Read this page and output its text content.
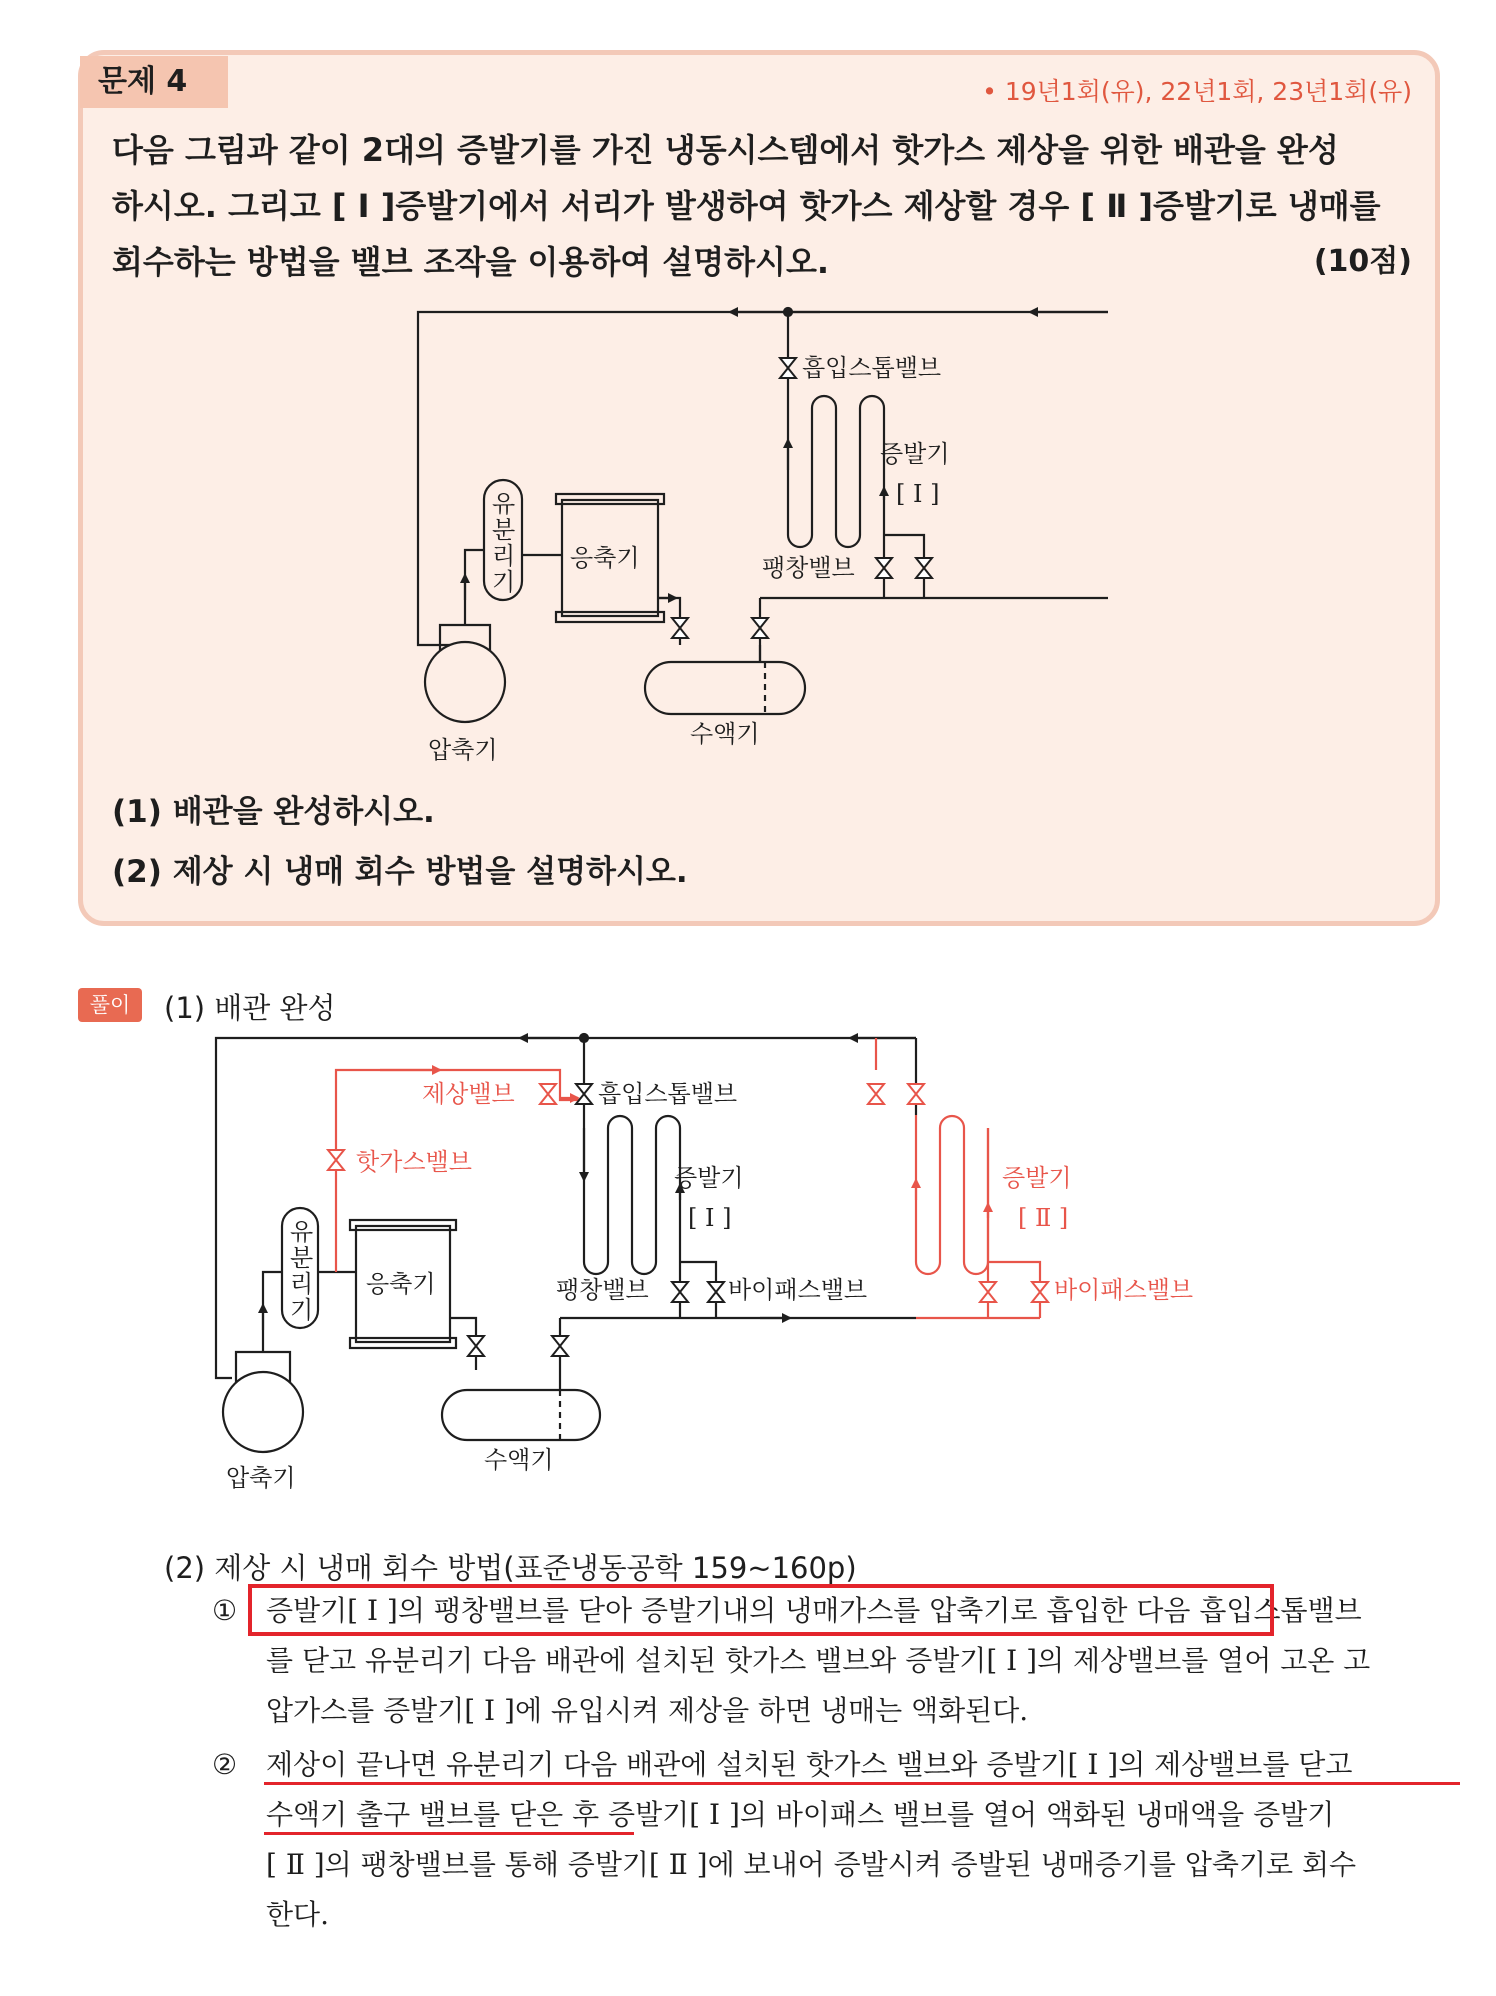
문제 4	• 19년1회(유), 22년1회, 23년1회(유)
다음 그림과 같이 2대의 증발기를 가진 냉동시스템에서 핫가스 제상을 위한 배관을 완성
하시오. 그리고 [ I ]증발기에서 서리가 발생하여 핫가스 제상할 경우 [ Ⅱ ]증발기로 냉매를
회수하는 방법을 밸브 조작을 이용하여 설명하시오.	(10점)
(1) 배관을 완성하시오.
(2) 제상 시 냉매 회수 방법을 설명하시오.
흡입스톱밸브
증발기
[ I ]
팽창밸브
응축기
압축기
수액기
유
분
리
기
흡입스톱밸브
증발기
[ I ]
팽창밸브	바이패스밸브
응축기
압축기
수액기
유
분
리
기
제상밸브
핫가스밸브
증발기
[ Ⅱ ]
바이패스밸브
풀이	(1) 배관 완성
(2) 제상 시 냉매 회수 방법(표준냉동공학 159~160p)
① 증발기[ I ]의 팽창밸브를 닫아 증발기내의 냉매가스를 압축기로 흡입한 다음 흡입스톱밸브
를 닫고 유분리기 다음 배관에 설치된 핫가스 밸브와 증발기[ I ]의 제상밸브를 열어 고온 고
압가스를 증발기[ I ]에 유입시켜 제상을 하면 냉매는 액화된다.
② 제상이 끝나면 유분리기 다음 배관에 설치된 핫가스 밸브와 증발기[ I ]의 제상밸브를 닫고
수액기 출구 밸브를 닫은 후 증발기[ I ]의 바이패스 밸브를 열어 액화된 냉매액을 증발기
[ Ⅱ ]의 팽창밸브를 통해 증발기[ Ⅱ ]에 보내어 증발시켜 증발된 냉매증기를 압축기로 회수
한다.
